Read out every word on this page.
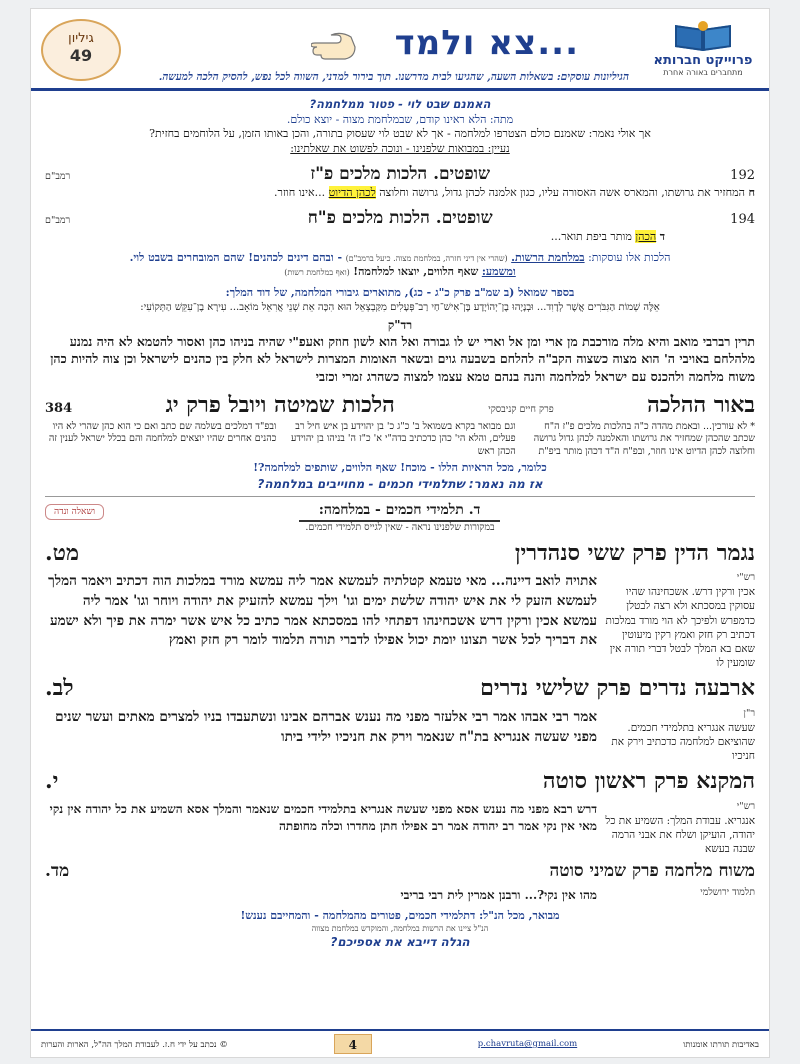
פרוייקט חברותא
מתחברים באורה אחרת
...צא ולמד
הגיליונות עוסקים: בשאלות השעה, שהגיעו לבית מדרשנו. תוך בירור למדני, השווה לכל נפש, להסיק הלכה למעשה.
גיליון
49
האמנם שבט לוי - פטור ממלחמה?
מתה: הלא ראינו קודם, שבמלחמת מצוה - יוצא כולם.
אך אולי נאמר: שאמנם כולם הצטרפו למלחמה - אך לא שבט לוי שעסוק בתורה, והכן באותו הזמן, על הלוחמים בחזית?
נעיין: במבואות שלפנינו - ונוכה לפשוט את שאלתינו:
192
שופטים. הלכות מלכים פ"ז
רמב"ם
ח המחזיר את גרושתו, והמארס אשה האסורה עליו, כגון אלמנה לכהן גדול, גרושה וחלוצה לכהן הדיוט ...אינו חוזר.
194
שופטים. הלכות מלכים פ"ח
רמב"ם
ד הכהן מותר ביפת תואר...
הלכות אלו עוסקות: במלחמת הרשות. (שהרי אין דיני חזרה, במלחמת מצוה. כיעל ברמב"ם) - ובהם דינים לכהנים! שהם המובחרים בשבט לוי.
ומשמע: שאף הלווים, יוצאו למלחמה! (ואף במלחמת רשות)
בספר שמואל (ב שמ"ב פרק כ"ג - כג), מתוארים גיבורי המלחמה, של דוד המלך:
אֵלֶּה שְׁמוֹת הַגִּבֹּרִים אֲשֶׁר לְדָוִד... וּבְנָיָהוּ בֶן־יְהוֹיָדָע בֶּן־אִישׁ־חַי רַב־פְּעָלִים מִקַּבְצְאֵל הוּא הִכָּה אֵת שְׁנֵי אֲרִאֵל מוֹאָב... עִירָא בֶן־עִקֵּשׁ הַתְּקוֹעִי:
רד"ק
תרין רברבי מואב והיא מלה מורכבת מן ארי ומן אל וארי יש לו גבורה ואל הוא לשון חוזק ואעפ"י שהיה בניהו כהן ואסור להטמא לא היה נמנע מלהלחם באויבי ה' הוא מצוה כשצוה הקב"ה להלחם בשבעה גוים ובשאר האומות המצרות לישראל לא חלק בין כהנים לישראל וכן צוה להיות כהן משוח מלחמה ולהכנס עם ישראל למלחמה והנה בנהם טמא עצמו למצוה כשהרג זמרי וכזבי
באור ההלכה
פרק חיים קניבסקי
הלכות שמיטה ויובל פרק יג
384
* לא עורכין... ובאמת מהדה כ"ה בהלכות מלכים פ"ז ה"ח שכתב שהכהן שמחזיר את גרושתו והאלמנה לכהן גדול גרושה וחלוצה לכהן הדיוט אינו חוזר, ובפ"ח ה"ד דכהן מותר ביפ"ת
וגם מבואר בקרא בשמואל ב' כ"ג כ' בן יהוידע בן איש חיל רב פעלים, והלא הי' כהן כדכתיב בדה"י א' כ"ז ה' בניהו בן יהוידע הכהן ראש
ובפ"ד דמלכים בשלמה שם כתב ואם כי הוא כהן שהרי לא היו כהנים אחרים שהיו יוצאים למלחמה והם בכלל ישראל לענין זה
כלומר, מכל הראיות הללו - מוכח! שאף הלווים, שותפים למלחמה?!
אז מה נאמר: שתלמידי חכמים - מחוייבים במלחמה?
ד. תלמידי חכמים - במלחמה:
ושאלה ונדה
במקורות שלפנינו נראה - שאין לגייס תלמידי חכמים.
נגמר הדין פרק ששי סנהדרין
מט.
רש"י
אכין ורקין דרש. אשכחינהו שהיו עסוקין במסכתא ולא רצה לבטלן כדמפרש ולפיכך לא הוי מורד במלכות דכתיב רק חזק ואמץ רקין מיעוטין שאם בא המלך לבטל דברי תורה אין שומעין לו
אתויה לואב דיינה... מאי טעמא קטלתיה לעמשא אמר ליה עמשא מורד במלכות הוה דכתיב ויאמר המלך לעמשא הזעק לי את איש יהודה שלשת ימים וגו' וילך עמשא להזעיק את יהודה ויוחר וגו' אמר ליה עמשא אכין ורקין דרש אשכחינהו דפתחי להו במסכתא אמר כתיב כל איש אשר ימרה את פיך ולא ישמע את דבריך לכל אשר תצונו יומת יכול אפילו לדברי תורה תלמוד לומר רק חזק ואמץ
ארבעה נדרים פרק שלישי נדרים
לב.
ר"ן
שעשה אנגריא בתלמידי חכמים. שהוציאם למלחמה כדכתיב וירק את חניכיו
אמר רבי אבהו אמר רבי אלעזר מפני מה נענש אברהם אבינו ונשתעבדו בניו למצרים מאתים ועשר שנים מפני שעשה אנגריא בת"ח שנאמר וירק את חניכיו ילידי ביתו
המקנא פרק ראשון סוטה
י.
רש"י
אנגריא. עבודת המלך: השמיע את כל יהודה, הועיקן ושלח את אבני הרמה שבנה בעשא
דרש רבא מפני מה נענש אסא מפני שעשה אנגריא בתלמידי חכמים שנאמר והמלך אסא השמיע את כל יהודה אין נקי מאי אין נקי אמר רב יהודה אמר רב אפילו חתן מחדרו וכלה מחופתה
משוח מלחמה פרק שמיני סוטה
מד.
תלמוד ירושלמי
מהו אין נקי?... ורבנן אמרין לית רבי בריבי
מבואר, מכל הנ"ל: דתלמידי חכמים, פטורים מהמלחמה - והמחייבם נענש!
הנ"ל ציינו את הרשות במלחמה, והמוקדש במלחמת מצווה
הגלה דייבא את אספיכם?
באדיבות תורתו אומנותו
p.chavruta@gmail.com
4
© נכתב על ידי ח.ז. לעבודת המלך הה"ל, הארות והערות
